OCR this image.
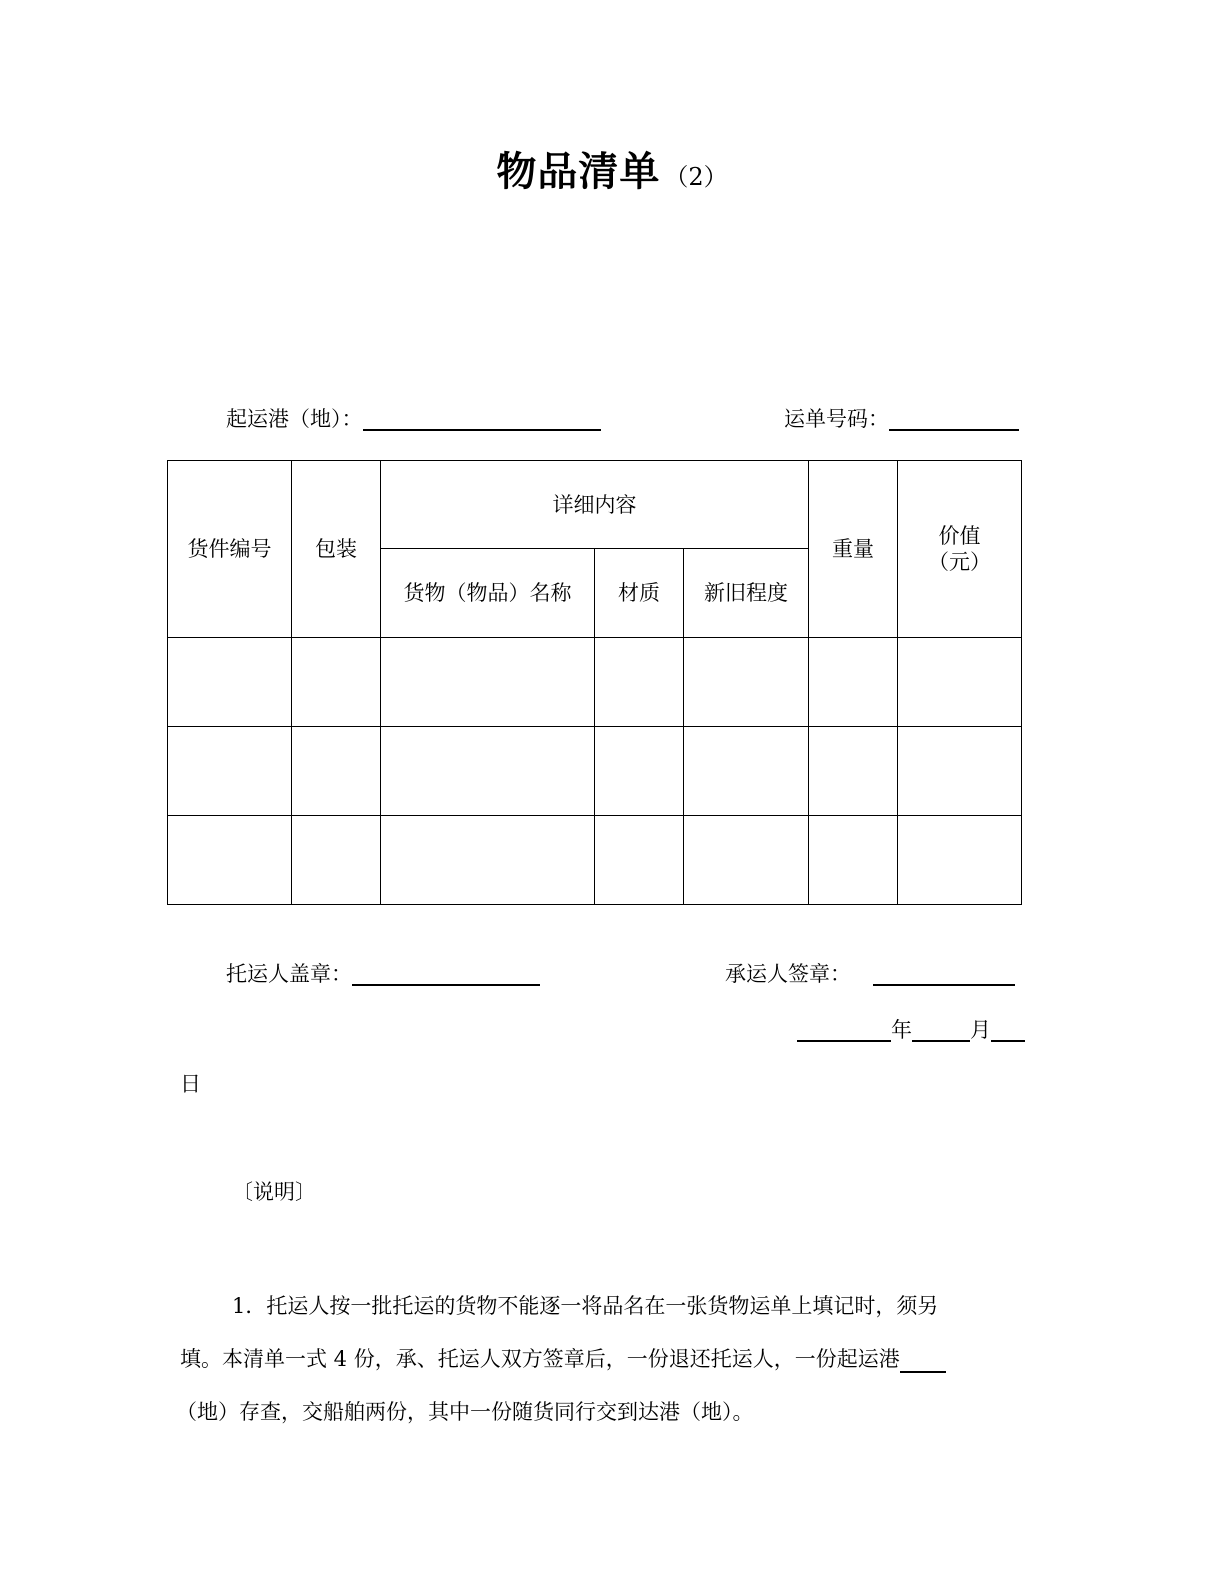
物品清单 （2）
起运港（地）：	运单号码：
货件编号	包装	详细内容			重量	价值
（元）

		货物（物品）名称	材质	新旧程度		

托运人盖章：	承运人签章：
年	月
日
〔说明〕
1．托运人按一批托运的货物不能逐一将品名在一张货物运单上填记时，须另
填。本清单一式 4 份，承、托运人双方签章后，一份退还托运人，一份起运港
（地）存查，交船舶两份，其中一份随货同行交到达港（地）。
